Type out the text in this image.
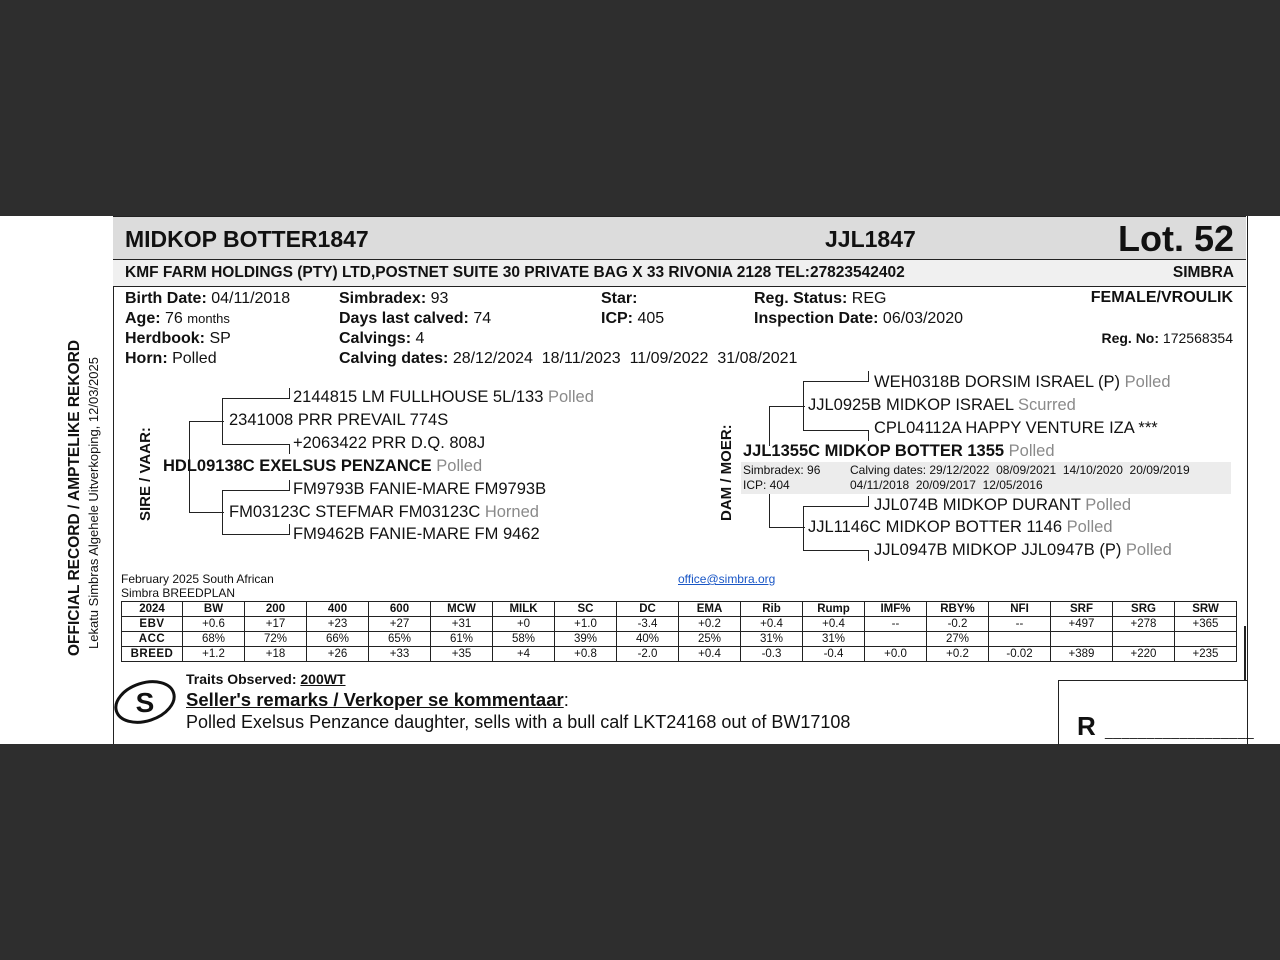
OFFICIAL RECORD / AMPTELIKE REKORD Lekatu Simbras Algehele Uitverkoping, 12/03/2025
MIDKOP BOTTER1847	JJL1847	Lot. 52
KMF FARM HOLDINGS (PTY) LTD,POSTNET SUITE 30 PRIVATE BAG X 33 RIVONIA 2128 TEL:27823542402	SIMBRA
Birth Date: 04/11/2018
Age: 76 months
Herdbook: SP
Horn: Polled
Simbradex: 93
Days last calved: 74
Calvings: 4
Calving dates: 28/12/2024  18/11/2023  11/09/2022  31/08/2021
Star:
ICP: 405
Reg. Status: REG
Inspection Date: 06/03/2020
FEMALE/VROULIK
Reg. No: 172568354
SIRE / VAAR:
2144815 LM FULLHOUSE 5L/133 Polled
2341008 PRR PREVAIL 774S
+2063422 PRR D.Q. 808J
HDL09138C EXELSUS PENZANCE Polled
FM9793B FANIE-MARE FM9793B
FM03123C STEFMAR FM03123C Horned
FM9462B FANIE-MARE FM 9462
DAM / MOER:
WEH0318B DORSIM ISRAEL (P) Polled
JJL0925B MIDKOP ISRAEL Scurred
CPL04112A HAPPY VENTURE IZA ***
JJL1355C MIDKOP BOTTER 1355 Polled
Simbradex: 96
ICP: 404
Calving dates: 29/12/2022  08/09/2021  14/10/2020  20/09/2019
04/11/2018  20/09/2017  12/05/2016
JJL074B MIDKOP DURANT Polled
JJL1146C MIDKOP BOTTER 1146 Polled
JJL0947B MIDKOP JJL0947B (P) Polled
February 2025 South African
Simbra BREEDPLAN
office@simbra.org
2024	BW	200	400	600	MCW	MILK	SC	DC	EMA	Rib	Rump	IMF%	RBY%	NFI	SRF	SRG	SRW
EBV	+0.6	+17	+23	+27	+31	+0	+1.0	-3.4	+0.2	+0.4	+0.4	--	-0.2	--	+497	+278	+365
ACC	68%	72%	66%	65%	61%	58%	39%	40%	25%	31%	31%		27%				
BREED	+1.2	+18	+26	+33	+35	+4	+0.8	-2.0	+0.4	-0.3	-0.4	+0.0	+0.2	-0.02	+389	+220	+235
S
Traits Observed: 200WT
Seller's remarks / Verkoper se kommentaar:
Polled Exelsus Penzance daughter, sells with a bull calf LKT24168 out of BW17108	R __________________
